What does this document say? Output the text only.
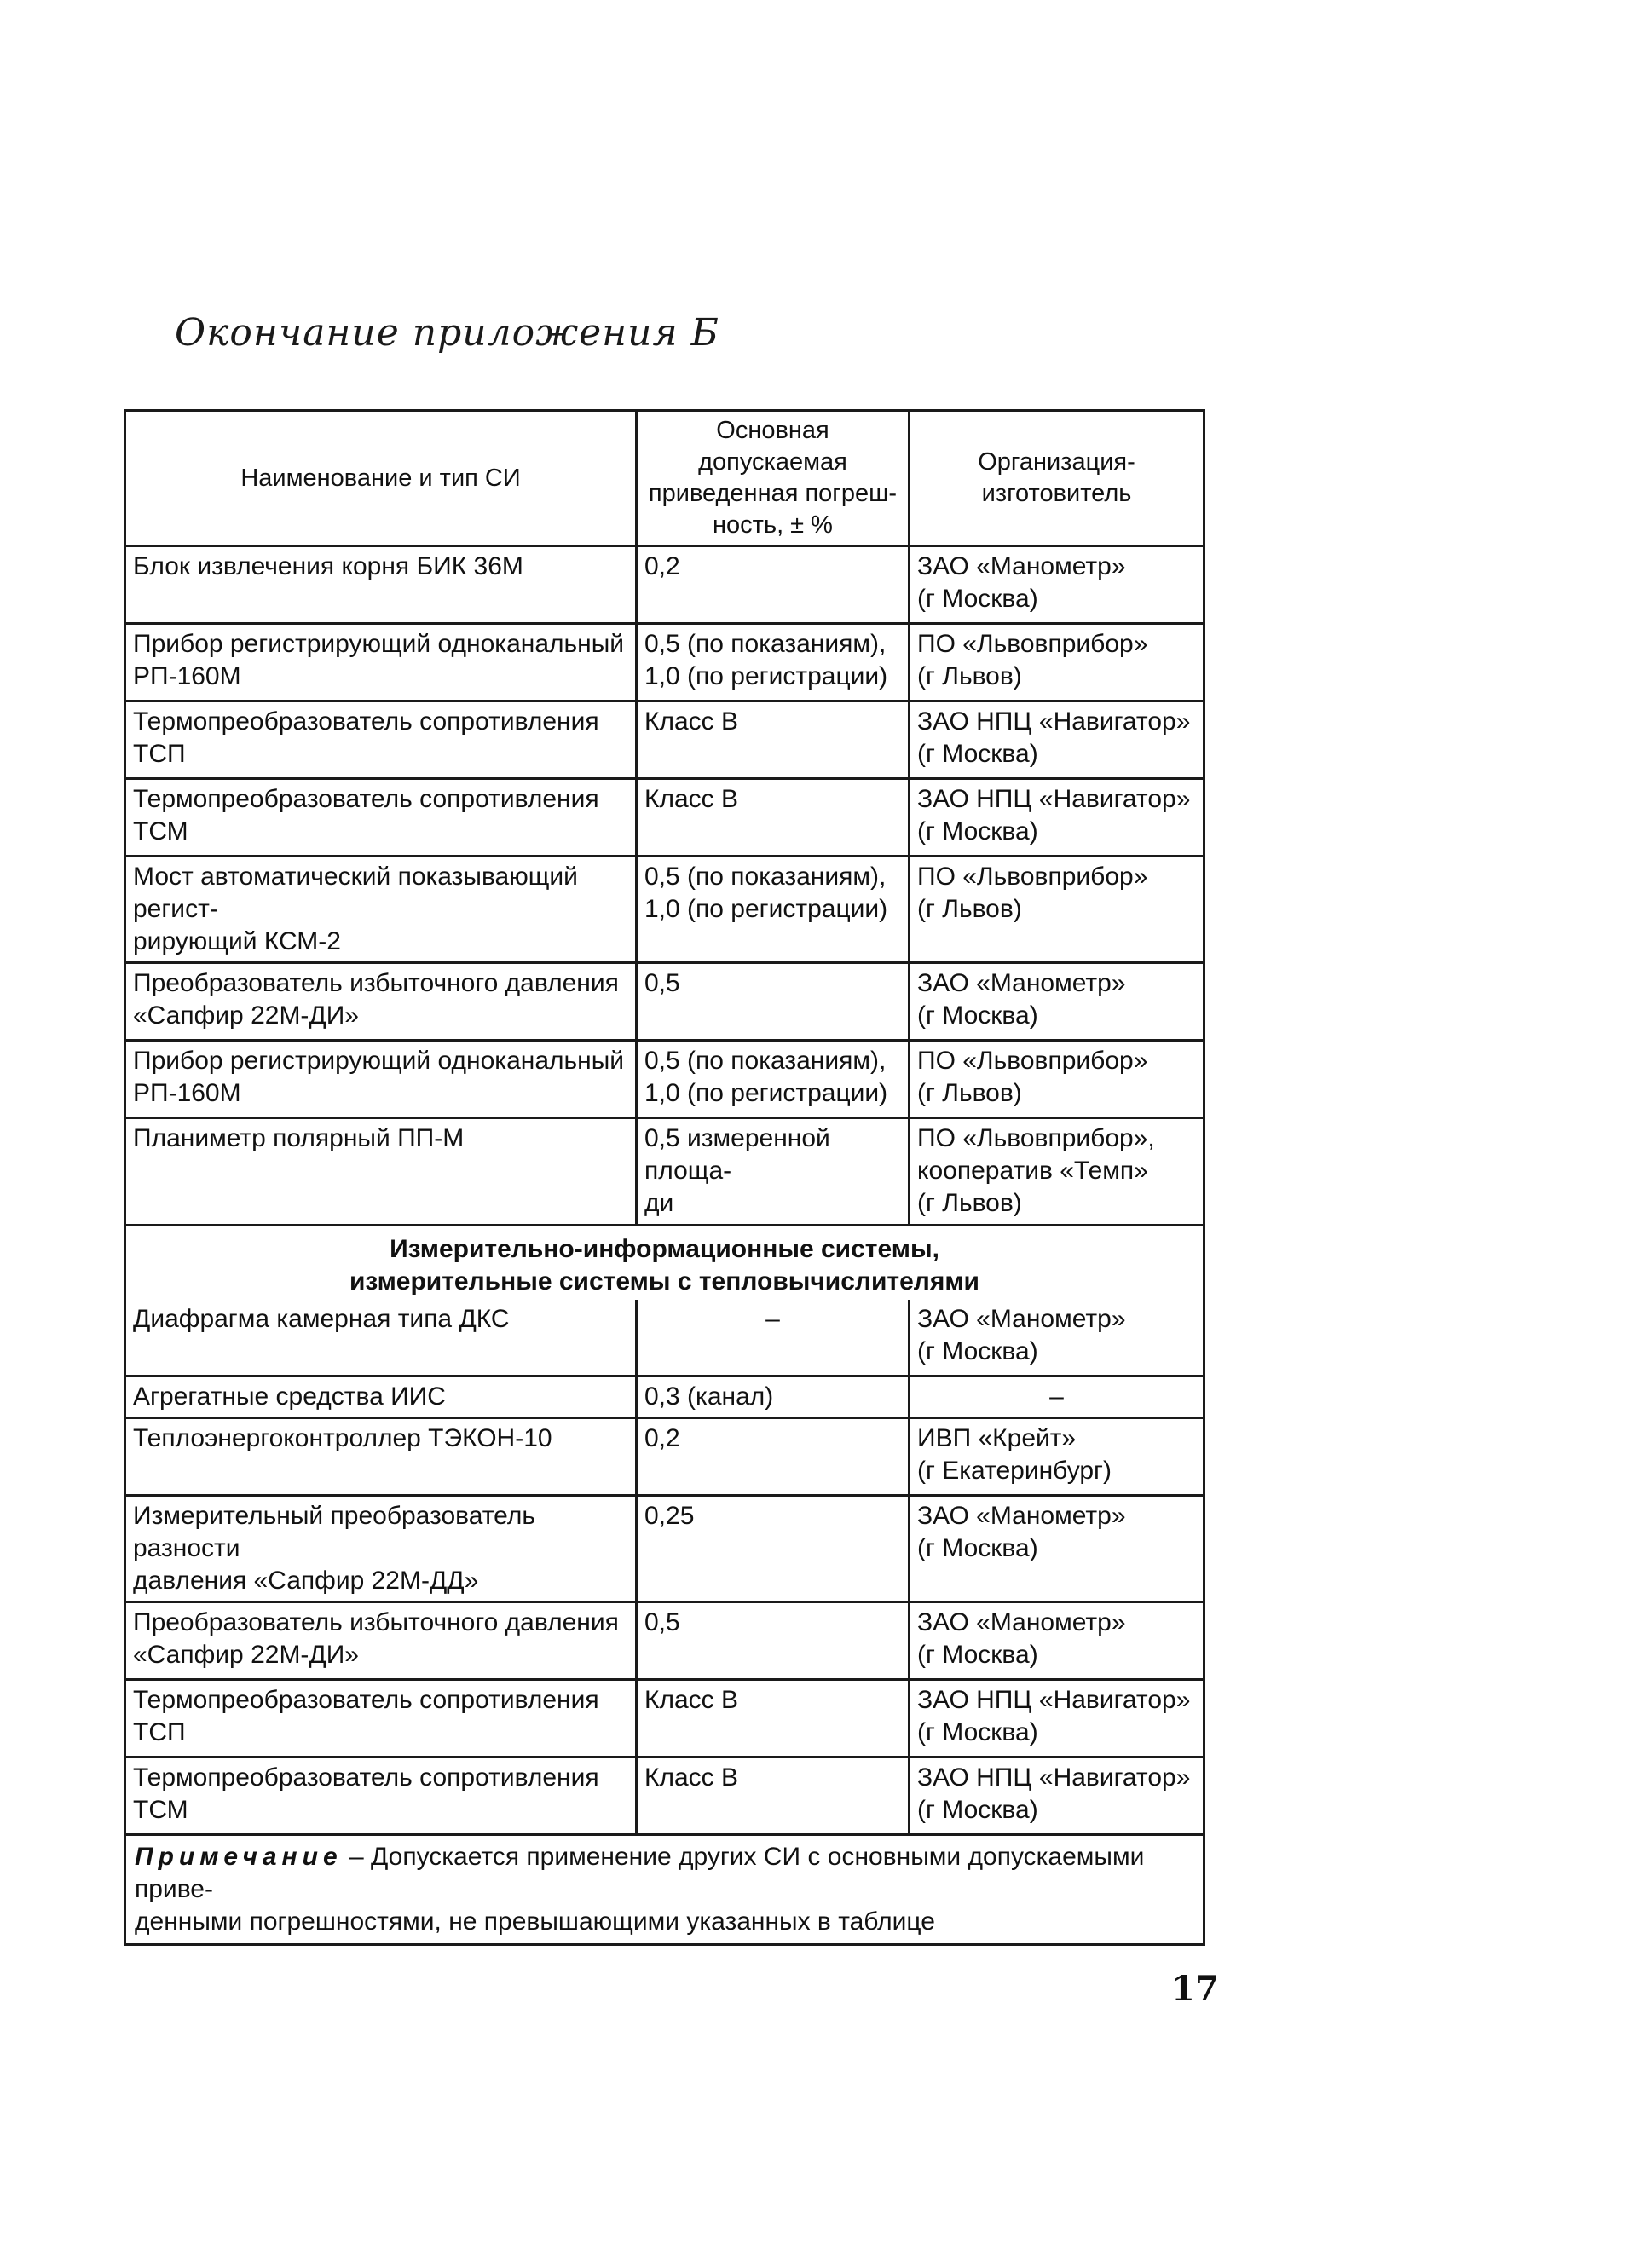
Окончание приложения Б
Наименование и тип СИ	Основная допускаемая
приведенная погреш-
ность, ± %	Организация-
изготовитель

Блок извлечения корня БИК 36М	0,2	ЗАО «Манометр»
(г Москва)

Прибор регистрирующий одноканальный
РП-160М	0,5 (по показаниям),
1,0 (по регистрации)	ПО «Львовприбор»
(г Львов)

Термопреобразователь сопротивления ТСП	Класс В	ЗАО НПЦ «Навигатор»
(г Москва)

Термопреобразователь сопротивления ТСМ	Класс В	ЗАО НПЦ «Навигатор»
(г Москва)

Мост автоматический показывающий регист-
рирующий КСМ-2	0,5 (по показаниям),
1,0 (по регистрации)	ПО «Львовприбор»
(г Львов)

Преобразователь избыточного давления
«Сапфир 22М-ДИ»	0,5	ЗАО «Манометр»
(г Москва)

Прибор регистрирующий одноканальный
РП-160М	0,5 (по показаниям),
1,0 (по регистрации)	ПО «Львовприбор»
(г Львов)

Планиметр полярный ПП-М	0,5 измеренной площа-
ди	ПО «Львовприбор»,
кооператив «Темп»
(г Львов)

Измерительно-информационные системы,
измерительные системы с тепловычислителями		

Диафрагма камерная типа ДКС	–	ЗАО «Манометр»
(г Москва)

Агрегатные средства ИИС	0,3 (канал)	–

Теплоэнергоконтроллер ТЭКОН-10	0,2	ИВП «Крейт»
(г Екатеринбург)

Измерительный преобразователь разности
давления «Сапфир 22М-ДД»	0,25	ЗАО «Манометр»
(г Москва)

Преобразователь избыточного давления
«Сапфир 22М-ДИ»	0,5	ЗАО «Манометр»
(г Москва)

Термопреобразователь сопротивления ТСП	Класс В	ЗАО НПЦ «Навигатор»
(г Москва)

Термопреобразователь сопротивления ТСМ	Класс В	ЗАО НПЦ «Навигатор»
(г Москва)

Примечание – Допускается применение других СИ с основными допускаемыми приве-
денными погрешностями, не превышающими указанных в таблице		
17
